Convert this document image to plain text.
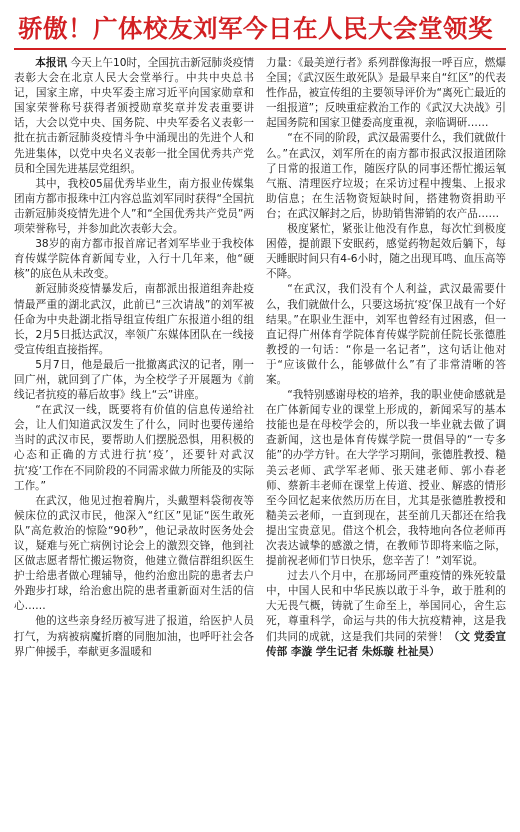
骄傲！广体校友刘军今日在人民大会堂领奖

本报讯 今天上午10时，全国抗击新冠肺炎疫情表彰大会在北京人民大会堂举行。中共中央总书记，国家主席，中央军委主席习近平向国家勋章和国家荣誉称号获得者颁授勋章奖章并发表重要讲话，大会以党中央、国务院、中央军委名义表彰一批在抗击新冠肺炎疫情斗争中涌现出的先进个人和先进集体，以党中央名义表彰一批全国优秀共产党员和全国先进基层党组织。

其中，我校05届优秀毕业生，南方报业传媒集团南方都市报珠中江内容总监刘军同时获得“全国抗击新冠肺炎疫情先进个人”和“全国优秀共产党员”两项荣誉称号，并参加此次表彰大会。

38岁的南方都市报首席记者刘军毕业于我校体育传媒学院体育新闻专业，入行十几年来，他“硬核”的底色从未改变。

新冠肺炎疫情暴发后，南都派出报道组奔赴疫情最严重的湖北武汉，此前已“三次请战”的刘军被任命为中央赴湖北指导组宣传组广东报道小组的组长，2月5日抵达武汉，率领广东媒体团队在一线接受宣传组直接指挥。

5月7日，他是最后一批撤离武汉的记者，刚一回广州，就回到了广体，为全校学子开展题为《前线记者抗疫的幕后故事》线上“云”讲座。

“在武汉一线，既要将有价值的信息传递给社会，让人们知道武汉发生了什么，同时也要传递给当时的武汉市民，要帮助人们摆脱恐惧，用积极的心态和正确的方式进行抗‘疫’，还要针对武汉抗‘疫’工作在不同阶段的不同需求做力所能及的实际工作。”

在武汉，他见过抱着胸片，头戴塑料袋彻夜等候床位的武汉市民，他深入“红区”见证“医生敢死队”高危救治的惊险“90秒”，他记录故时医务处会议，疑难与死亡病例讨论会上的激烈交锋，他到社区做志愿者帮忙搬运物资，他建立微信群组织医生护士给患者做心理辅导，他约治愈出院的患者去户外跑步打球，给治愈出院的患者重新面对生活的信心……

他的这些亲身经历被写进了报道，给医护人员打气，为病被病魔折磨的同胞加油，也呼吁社会各界广伸援手，奉献更多温暖和

力量：《最美逆行者》系列群像海报一呼百应，燃爆全国；《武汉医生敢死队》是最早来自“红区”的代表性作品，被宣传组的主要领导评价为“离死亡最近的一组报道”；反映重症救治工作的《武汉大决战》引起国务院和国家卫健委高度重视，亲临调研……

“在不同的阶段，武汉最需要什么，我们就做什么。”在武汉，刘军所在的南方都市报武汉报道团除了日常的报道工作，随医疗队的同事还帮忙搬运氧气瓶、清理医疗垃圾；在采访过程中搜集、上报求助信息；在生活物资短缺时间，搭建物资捐助平台；在武汉解封之后，协助销售滞销的农产品……

极度紧忙，紧张让他没有作息，每次忙到极度困倦，提前跟下安眠药，感觉药物起效后躺下，每天睡眠时间只有4-6小时，随之出现耳鸣、血压高等不降。

“在武汉，我们没有个人利益，武汉最需要什么，我们就做什么，只要这场抗‘疫’保卫战有一个好结果。”在职业生涯中，刘军也曾经有过困惑，但一直记得广州体育学院体育传媒学院前任院长张德胜教授的一句话：“你是一名记者”，这句话让他对于“应该做什么，能够做什么”有了非常清晰的答案。

“我特别感谢母校的培养，我的职业使命感就是在广体新闻专业的课堂上形成的，新闻采写的基本技能也是在母校学会的，所以我一毕业就去做了调查新闻，这也是体育传媒学院一贯倡导的“一专多能”的办学方针。在大学学习期间，张德胜教授、糙美云老师、武学军老师、张天建老师、郭小春老师、蔡新丰老师在课堂上传道、授业、解惑的情形至今回忆起来依然历历在目，尤其是张德胜教授和糙美云老师，一直到现在，甚至前几天都还在给我提出宝贵意见。借这个机会，我特地向各位老师再次表达诚挚的感激之情，在教师节即将来临之际，提前祝老师们节日快乐，您辛苦了！”刘军说。

过去八个月中，在那场同严重疫情的殊死较量中，中国人民和中华民族以敢于斗争，敢于胜利的大无畏气概，铸就了生命至上，举国同心，舍生忘死，尊重科学，命运与共的伟大抗疫精神，这是我们共同的成就，这是我们共同的荣誉！（文 党委宣传部 李漩 学生记者 朱烁璇 杜祉昊）
